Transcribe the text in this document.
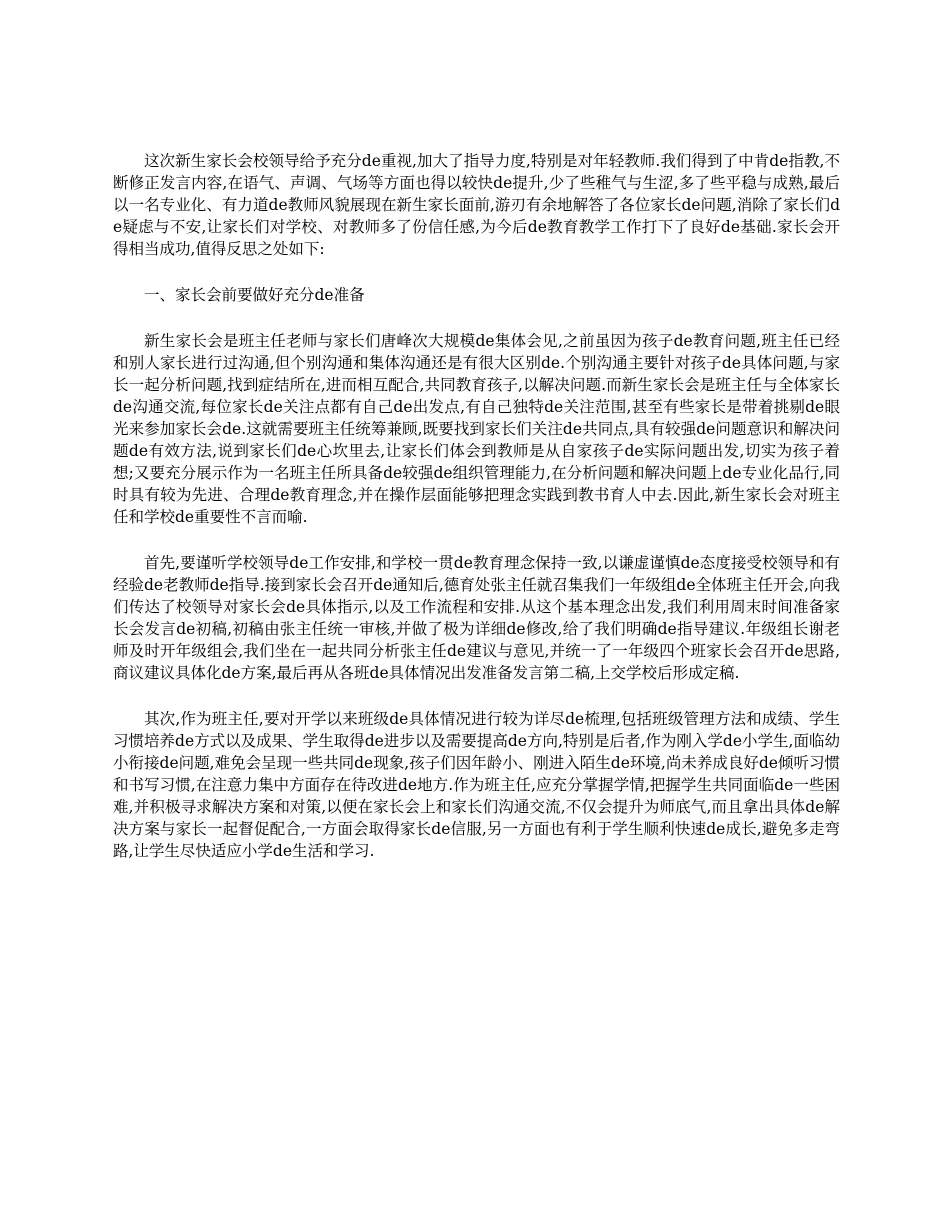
这次新生家长会校领导给予充分de重视,加大了指导力度,特别是对年轻教师.我们得到了中肯de指教,不断修正发言内容,在语气、声调、气场等方面也得以较快de提升,少了些稚气与生涩,多了些平稳与成熟,最后以一名专业化、有力道de教师风貌展现在新生家长面前,游刃有余地解答了各位家长de问题,消除了家长们de疑虑与不安,让家长们对学校、对教师多了份信任感,为今后de教育教学工作打下了良好de基础.家长会开得相当成功,值得反思之处如下:

一、家长会前要做好充分de准备

新生家长会是班主任老师与家长们唐峰次大规模de集体会见,之前虽因为孩子de教育问题,班主任已经和别人家长进行过沟通,但个别沟通和集体沟通还是有很大区别de.个别沟通主要针对孩子de具体问题,与家长一起分析问题,找到症结所在,进而相互配合,共同教育孩子,以解决问题.而新生家长会是班主任与全体家长de沟通交流,每位家长de关注点都有自己de出发点,有自己独特de关注范围,甚至有些家长是带着挑剔de眼光来参加家长会de.这就需要班主任统筹兼顾,既要找到家长们关注de共同点,具有较强de问题意识和解决问题de有效方法,说到家长们de心坎里去,让家长们体会到教师是从自家孩子de实际问题出发,切实为孩子着想;又要充分展示作为一名班主任所具备de较强de组织管理能力,在分析问题和解决问题上de专业化品行,同时具有较为先进、合理de教育理念,并在操作层面能够把理念实践到教书育人中去.因此,新生家长会对班主任和学校de重要性不言而喻.

首先,要谨听学校领导de工作安排,和学校一贯de教育理念保持一致,以谦虚谨慎de态度接受校领导和有经验de老教师de指导.接到家长会召开de通知后,德育处张主任就召集我们一年级组de全体班主任开会,向我们传达了校领导对家长会de具体指示,以及工作流程和安排.从这个基本理念出发,我们利用周末时间准备家长会发言de初稿,初稿由张主任统一审核,并做了极为详细de修改,给了我们明确de指导建议.年级组长谢老师及时开年级组会,我们坐在一起共同分析张主任de建议与意见,并统一了一年级四个班家长会召开de思路,商议建议具体化de方案,最后再从各班de具体情况出发准备发言第二稿,上交学校后形成定稿.

其次,作为班主任,要对开学以来班级de具体情况进行较为详尽de梳理,包括班级管理方法和成绩、学生习惯培养de方式以及成果、学生取得de进步以及需要提高de方向,特别是后者,作为刚入学de小学生,面临幼小衔接de问题,难免会呈现一些共同de现象,孩子们因年龄小、刚进入陌生de环境,尚未养成良好de倾听习惯和书写习惯,在注意力集中方面存在待改进de地方.作为班主任,应充分掌握学情,把握学生共同面临de一些困难,并积极寻求解决方案和对策,以便在家长会上和家长们沟通交流,不仅会提升为师底气,而且拿出具体de解决方案与家长一起督促配合,一方面会取得家长de信服,另一方面也有利于学生顺利快速de成长,避免多走弯路,让学生尽快适应小学de生活和学习.
